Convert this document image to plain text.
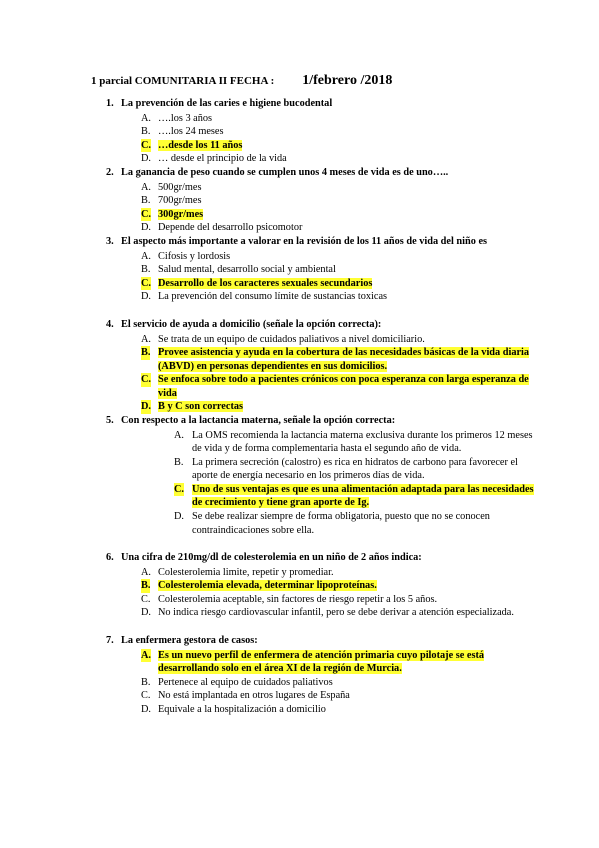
1 parcial COMUNITARIA II FECHA : 1/febrero /2018
1. La prevención de las caries e higiene bucodental
A. ….los 3 años
B. ….los 24 meses
C. …desde los 11 años
D. … desde el principio de la vida
2. La ganancia de peso cuando se cumplen unos 4 meses de vida es de uno…..
A. 500gr/mes
B. 700gr/mes
C. 300gr/mes
D. Depende del desarrollo psicomotor
3. El aspecto más importante a valorar en la revisión de los 11 años de vida del niño es
A. Cifosis y lordosis
B. Salud mental, desarrollo social y ambiental
C. Desarrollo de los caracteres sexuales secundarios
D. La prevención del consumo límite de sustancias toxicas
4. El servicio de ayuda a domicilio (señale la opción correcta):
A. Se trata de un equipo de cuidados paliativos a nivel domiciliario.
B. Provee asistencia y ayuda en la cobertura de las necesidades básicas de la vida diaria (ABVD) en personas dependientes en sus domicilios.
C. Se enfoca sobre todo a pacientes crónicos con poca esperanza con larga esperanza de vida
D. B y C son correctas
5. Con respecto a la lactancia materna, señale la opción correcta:
A. La OMS recomienda la lactancia materna exclusiva durante los primeros 12 meses de vida y de forma complementaria hasta el segundo año de vida.
B. La primera secreción (calostro) es rica en hidratos de carbono para favorecer el aporte de energía necesario en los primeros días de vida.
C. Uno de sus ventajas es que es una alimentación adaptada para las necesidades de crecimiento y tiene gran aporte de Ig.
D. Se debe realizar siempre de forma obligatoria, puesto que no se conocen contraindicaciones sobre ella.
6. Una cifra de 210mg/dl de colesterolemia en un niño de 2 años indica:
A. Colesterolemia limite, repetir y promediar.
B. Colesterolemia elevada, determinar lipoproteínas.
C. Colesterolemia aceptable, sin factores de riesgo repetir a los 5 años.
D. No indica riesgo cardiovascular infantil, pero se debe derivar a atención especializada.
7. La enfermera gestora de casos:
A. Es un nuevo perfil de enfermera de atención primaria cuyo pilotaje se está desarrollando solo en el área XI de la región de Murcia.
B. Pertenece al equipo de cuidados paliativos
C. No está implantada en otros lugares de España
D. Equivale a la hospitalización a domicilio
